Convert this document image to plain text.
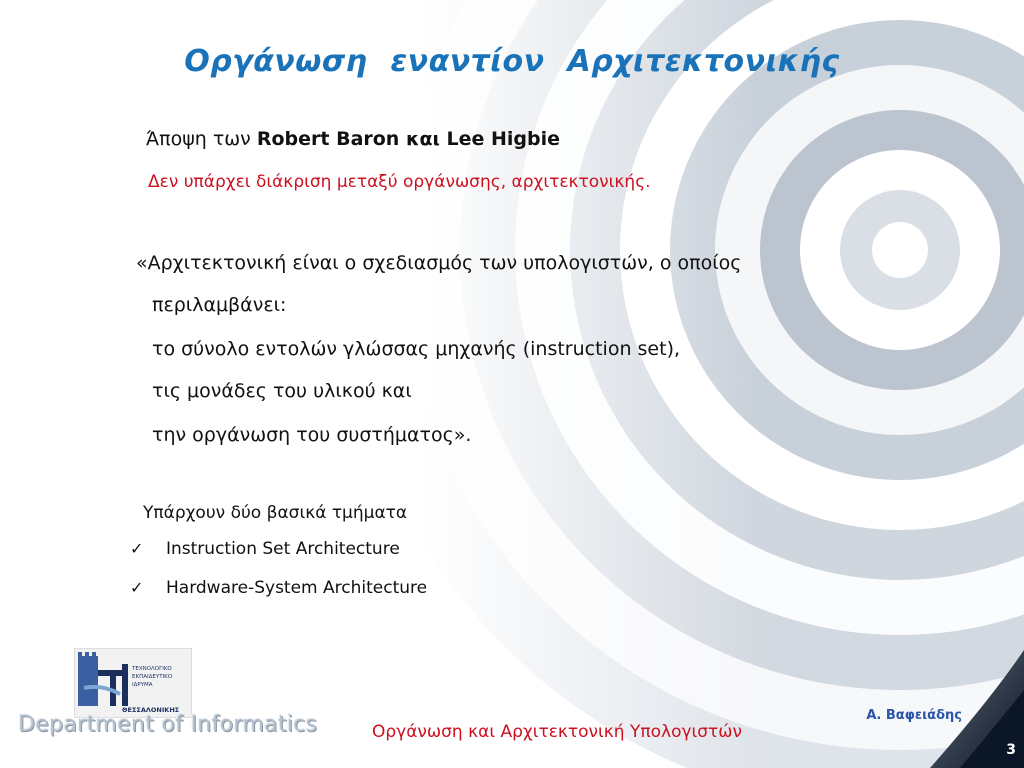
Οργάνωση εναντίον Αρχιτεκτονικής
Άποψη των Robert Baron και Lee Higbie
Δεν υπάρχει διάκριση μεταξύ οργάνωσης, αρχιτεκτονικής.
«Αρχιτεκτονική είναι ο σχεδιασμός των υπολογιστών, ο οποίος
περιλαμβάνει:
το σύνολο εντολών γλώσσας μηχανής (instruction set),
τις μονάδες του υλικού και
την οργάνωση του συστήματος».
Υπάρχουν δύο βασικά τμήματα
✓ Instruction Set Architecture
✓ Hardware-System Architecture
ΤΕΧΝΟΛΟΓΙΚΟ
ΕΚΠΑΙΔΕΥΤΙΚΟ
ΙΔΡΥΜΑ
ΘΕΣΣΑΛΟΝΙΚΗΣ
Department of Informatics	Οργάνωση και Αρχιτεκτονική Υπολογιστών
Α. Βαφειάδης
3
